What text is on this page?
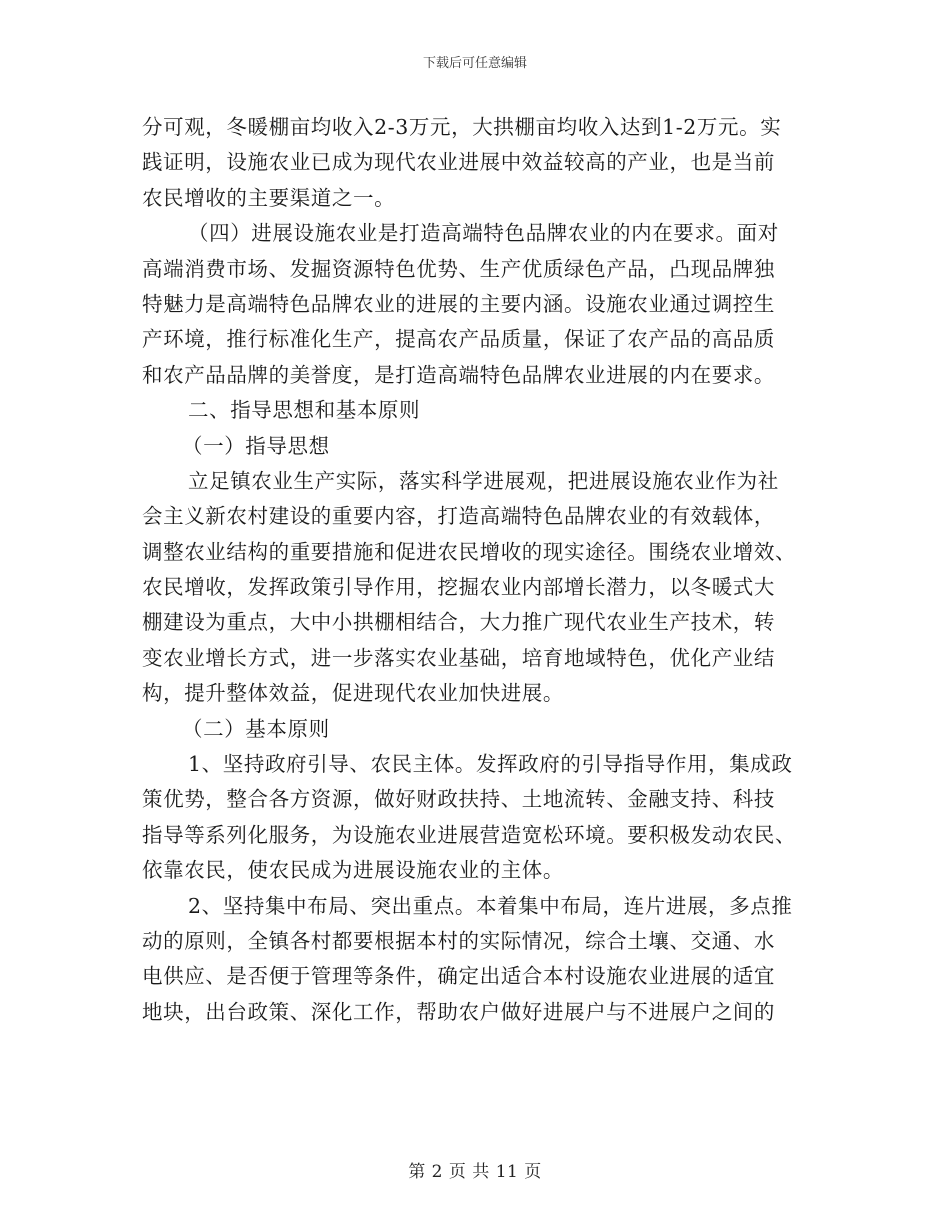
下载后可任意编辑
分可观，冬暖棚亩均收入2-3万元，大拱棚亩均收入达到1-2万元。实
践证明，设施农业已成为现代农业进展中效益较高的产业，也是当前
农民增收的主要渠道之一。
（四）进展设施农业是打造高端特色品牌农业的内在要求。面对
高端消费市场、发掘资源特色优势、生产优质绿色产品，凸现品牌独
特魅力是高端特色品牌农业的进展的主要内涵。设施农业通过调控生
产环境，推行标准化生产，提高农产品质量，保证了农产品的高品质
和农产品品牌的美誉度，是打造高端特色品牌农业进展的内在要求。
二、指导思想和基本原则
（一）指导思想
立足镇农业生产实际，落实科学进展观，把进展设施农业作为社
会主义新农村建设的重要内容，打造高端特色品牌农业的有效载体，
调整农业结构的重要措施和促进农民增收的现实途径。围绕农业增效、
农民增收，发挥政策引导作用，挖掘农业内部增长潜力，以冬暖式大
棚建设为重点，大中小拱棚相结合，大力推广现代农业生产技术，转
变农业增长方式，进一步落实农业基础，培育地域特色，优化产业结
构，提升整体效益，促进现代农业加快进展。
（二）基本原则
1、坚持政府引导、农民主体。发挥政府的引导指导作用，集成政
策优势，整合各方资源，做好财政扶持、土地流转、金融支持、科技
指导等系列化服务，为设施农业进展营造宽松环境。要积极发动农民、
依靠农民，使农民成为进展设施农业的主体。
2、坚持集中布局、突出重点。本着集中布局，连片进展，多点推
动的原则，全镇各村都要根据本村的实际情况，综合土壤、交通、水
电供应、是否便于管理等条件，确定出适合本村设施农业进展的适宜
地块，出台政策、深化工作，帮助农户做好进展户与不进展户之间的
第 2 页 共 11 页
